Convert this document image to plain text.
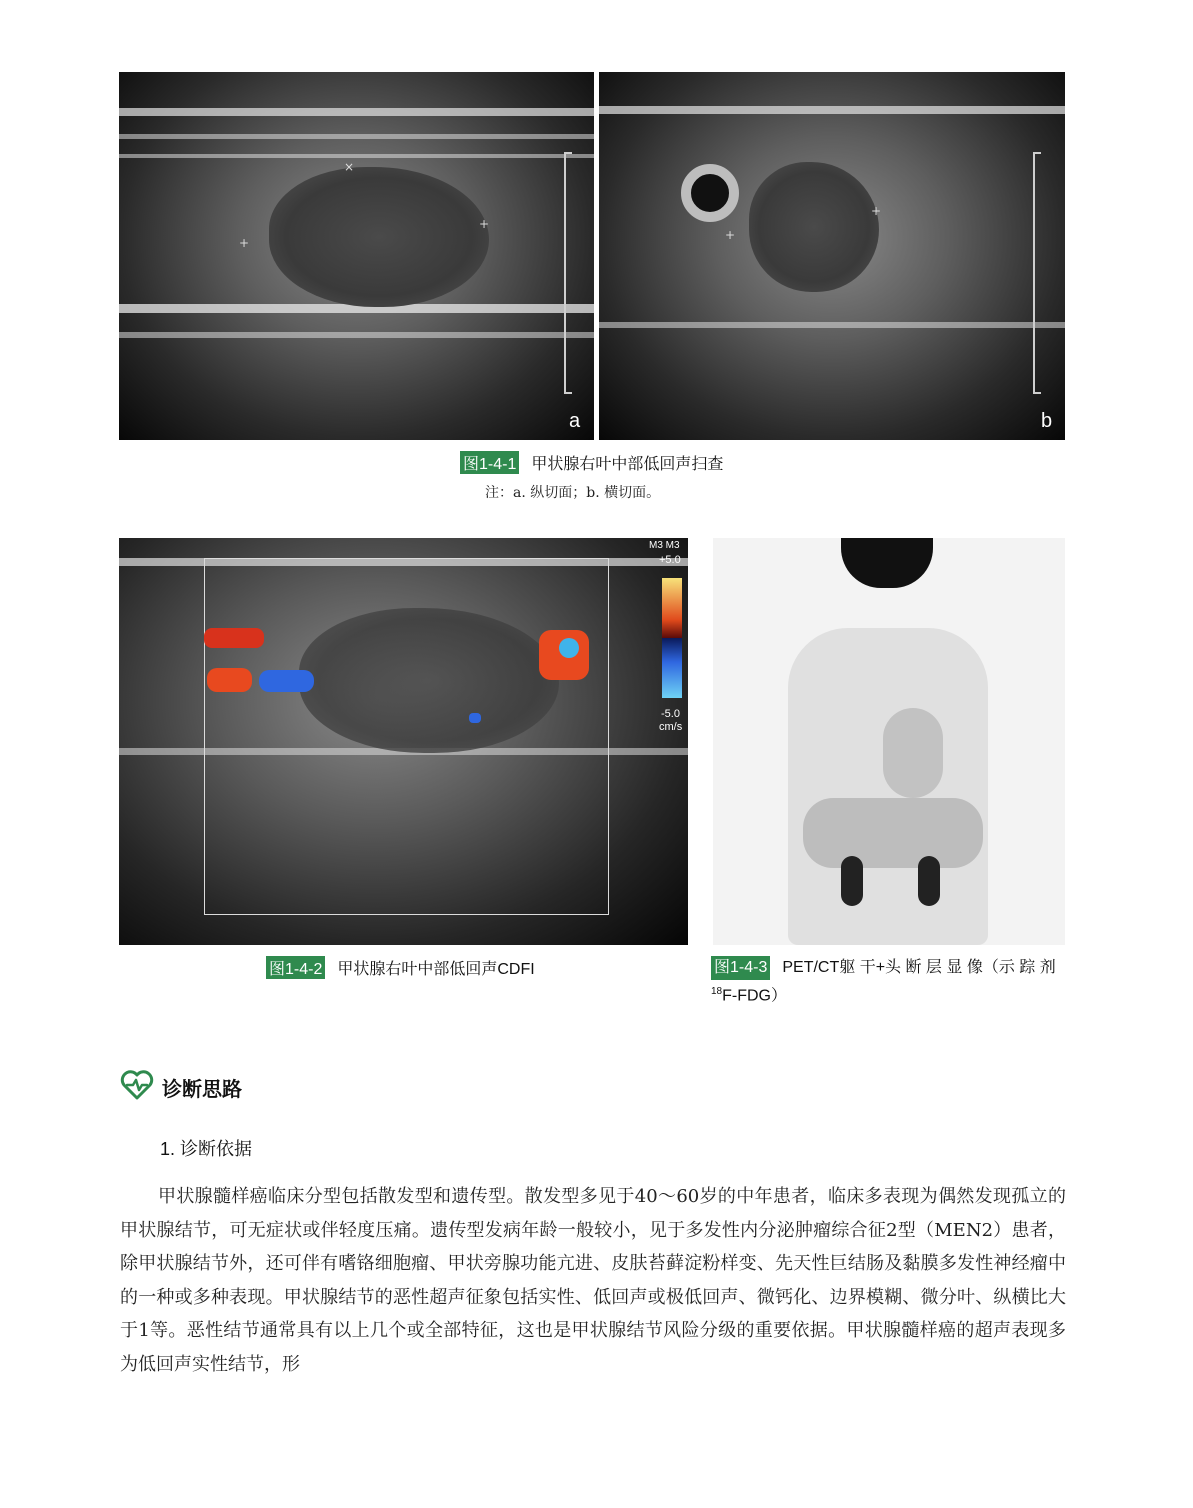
×
+
+
a
+
+
b
图1-4-1 甲状腺右叶中部低回声扫查
注：a. 纵切面；b. 横切面。
M3 M3
+5.0
-5.0
cm/s
图1-4-2 甲状腺右叶中部低回声CDFI	图1-4-3 PET/CT躯 干+头 断 层 显 像（示 踪 剂
$^{18}$F-FDG）
诊断思路
1. 诊断依据
甲状腺髓样癌临床分型包括散发型和遗传型。散发型多见于40～60岁的中年患者，临床多表现为偶然发现孤立的甲状腺结节，可无症状或伴轻度压痛。遗传型发病年龄一般较小，见于多发性内分泌肿瘤综合征2型（MEN2）患者，除甲状腺结节外，还可伴有嗜铬细胞瘤、甲状旁腺功能亢进、皮肤苔藓淀粉样变、先天性巨结肠及黏膜多发性神经瘤中的一种或多种表现。甲状腺结节的恶性超声征象包括实性、低回声或极低回声、微钙化、边界模糊、微分叶、纵横比大于1等。恶性结节通常具有以上几个或全部特征，这也是甲状腺结节风险分级的重要依据。甲状腺髓样癌的超声表现多为低回声实性结节，形
